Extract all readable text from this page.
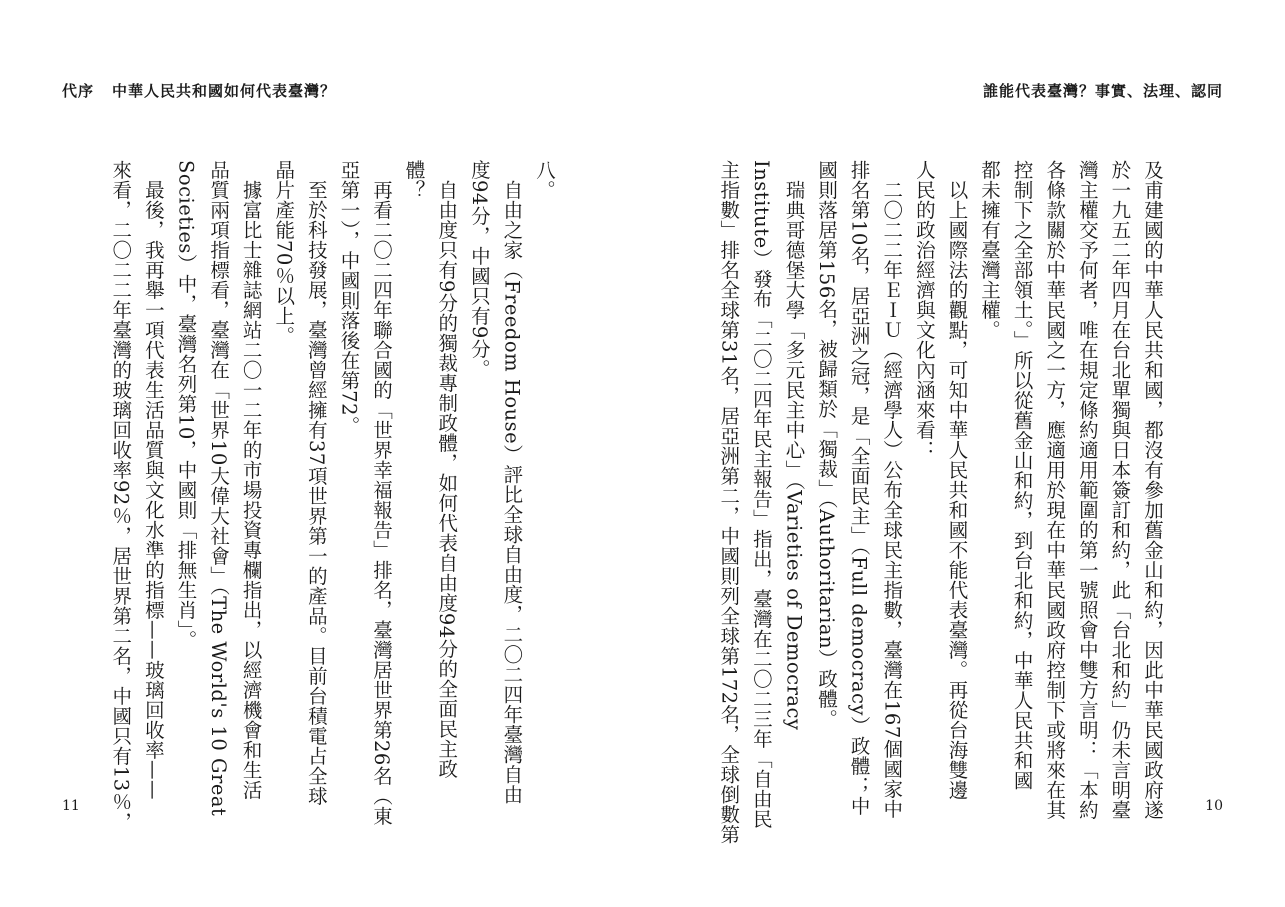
代序 中華人民共和國如何代表臺灣？
八。
自由之家（Freedom House）評比全球自由度，二〇二四年臺灣自由
度94分，中國只有9分。
自由度只有9分的獨裁專制政體，如何代表自由度94分的全面民主政
體？
再看二〇二四年聯合國的「世界幸福報告」排名，臺灣居世界第26名（東
亞第一），中國則落後在第72。
至於科技發展，臺灣曾經擁有37項世界第一的產品。目前台積電占全球
晶片產能70％以上。
據富比士雜誌網站二〇一二年的市場投資專欄指出，以經濟機會和生活
品質兩項指標看，臺灣在「世界10大偉大社會」（The World's 10 Great
Societies）中，臺灣名列第10，中國則「排無生肖」。
最後，我再舉一項代表生活品質與文化水準的指標——玻璃回收率——
來看，二〇二二年臺灣的玻璃回收率92％，居世界第二名，中國只有13％，
11
誰能代表臺灣？事實、法理、認同
及甫建國的中華人民共和國，都沒有參加舊金山和約，因此中華民國政府遂
於一九五二年四月在台北單獨與日本簽訂和約，此「台北和約」仍未言明臺
灣主權交予何者，唯在規定條約適用範圍的第一號照會中雙方言明：「本約
各條款關於中華民國之一方，應適用於現在中華民國政府控制下或將來在其
控制下之全部領土。」所以從舊金山和約，到台北和約，中華人民共和國
都未擁有臺灣主權。
以上國際法的觀點，可知中華人民共和國不能代表臺灣。再從台海雙邊
人民的政治經濟與文化內涵來看：
二〇二二年ＥＩＵ（經濟學人）公布全球民主指數，臺灣在167個國家中
排名第10名，居亞洲之冠，是「全面民主」（Full democracy）政體；中
國則落居第156名，被歸類於「獨裁」（Authoritarian）政體。
瑞典哥德堡大學「多元民主中心」（Varieties of Democracy
Institute）發布「二〇二四年民主報告」指出，臺灣在二〇二三年「自由民
主指數」排名全球第31名，居亞洲第二，中國則列全球第172名，全球倒數第	10
